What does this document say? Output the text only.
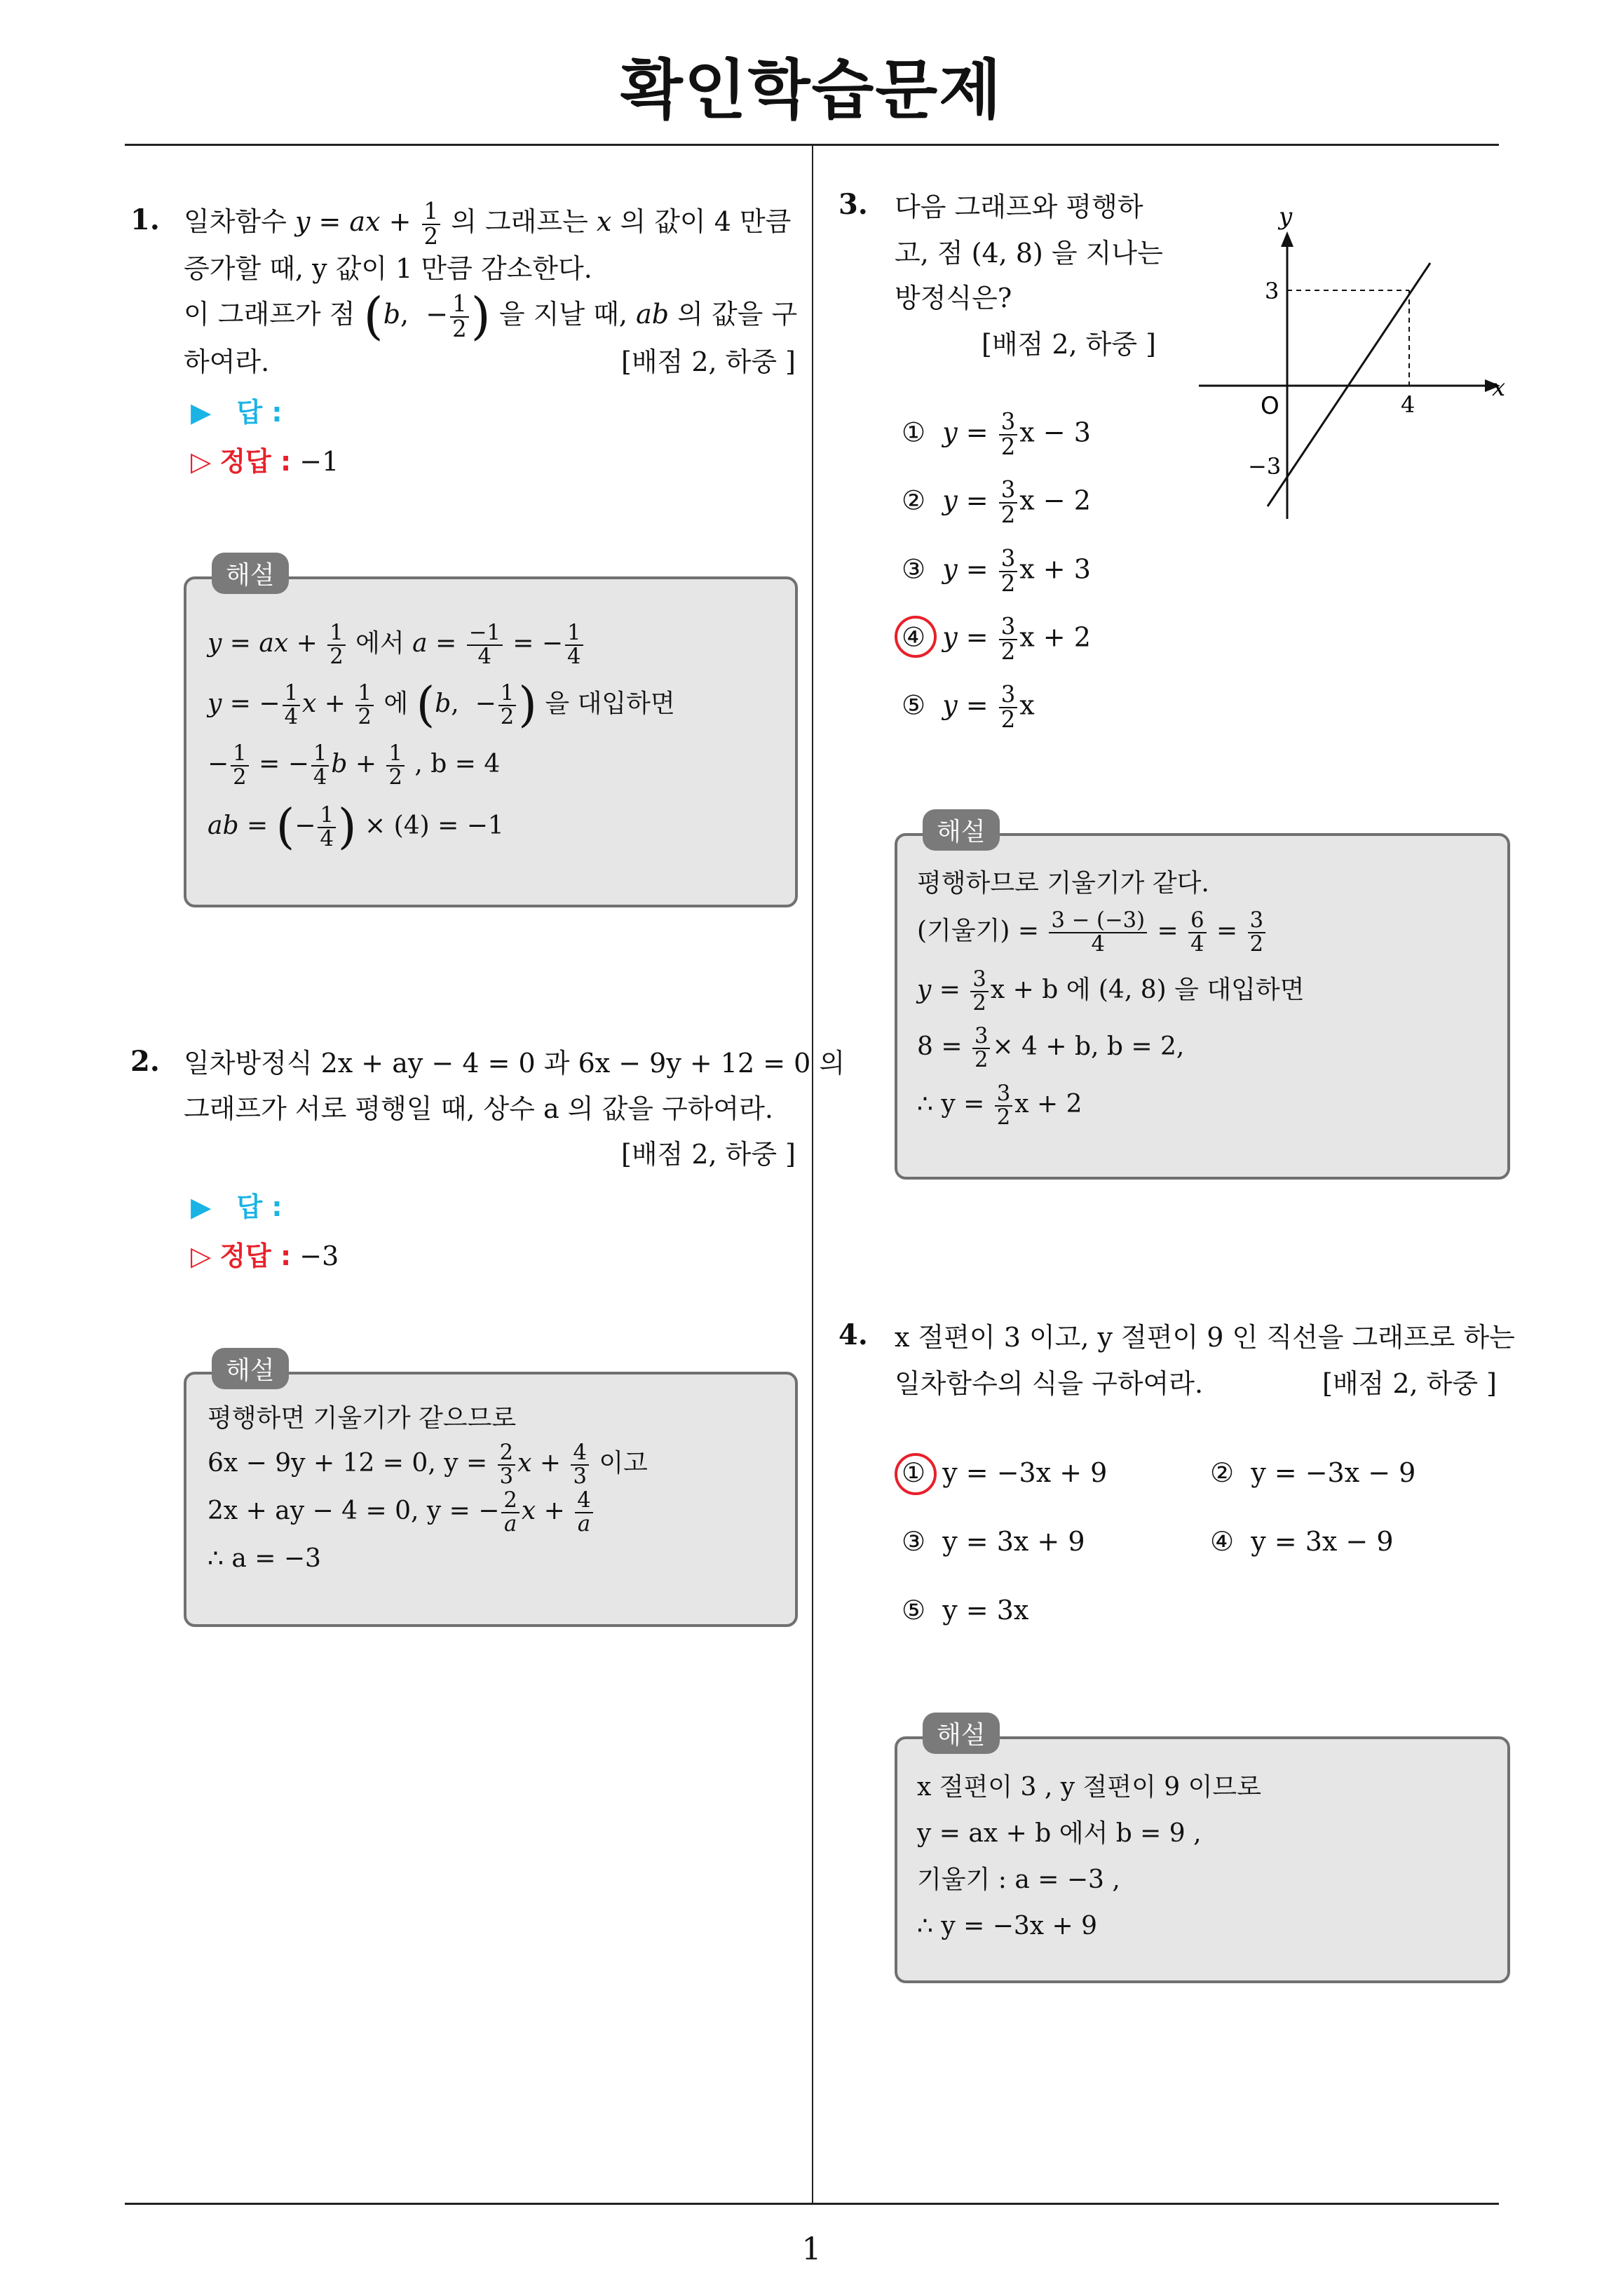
확인학습문제
1
1. 일차함수 y = ax + $\frac{1}{2}$ 의 그래프는 x 의 값이 4 만큼
증가할 때, y 값이 1 만큼 감소한다.
이 그래프가 점 (b,  − $\frac{1}{2}$ ) 을 지날 때, ab 의 값을 구
하여라.	[배점 2, 하중 ]
▶ 답 :
▷ 정답 : −1
해설
y = ax + $\frac{1}{2}$ 에서 $a = \frac{-1}{4}$ = − $\frac{1}{4}$
y = − $\frac{1}{4}$ $x + \frac{1}{2}$ 에 (b,  − $\frac{1}{2}$ ) 을 대입하면
− $\frac{1}{2}$ = − $\frac{1}{4}$ $b + \frac{1}{2}$ , b = 4
ab = (− $\frac{1}{4}$ ) × (4) = −1
2. 일차방정식 2x + ay − 4 = 0 과 6x − 9y + 12 = 0 의
그래프가 서로 평행일 때, 상수 a 의 값을 구하여라.
[배점 2, 하중 ]
▶ 답 :
▷ 정답 : −3
해설
평행하면 기울기가 같으므로
6x − 9y + 12 = 0, $y = \frac{2}{3}$ $x + \frac{4}{3}$ 이고
2x + ay − 4 = 0, y = − $\frac{2}{a}$ $x + \frac{4}{a}$
∴ a = −3
3. 다음 그래프와 평행하
고, 점 (4, 8) 을 지나는
방정식은?
[배점 2, 하중 ]
y
x
O	4
3
−3
① $y = \frac{3}{2}$ x − 3
② $y = \frac{3}{2}$ x − 2
③ $y = \frac{3}{2}$ x + 3
④ $y = \frac{3}{2}$ x + 2
⑤ $y = \frac{3}{2}$ x
해설
평행하므로 기울기가 같다.
(기울기) = $\frac{3 - (-3)}{4} = \frac{6}{4} = \frac{3}{2}$
$y = \frac{3}{2}$ x + b 에 (4, 8) 을 대입하면
$8 = \frac{3}{2} \times 4 + b$, b = 2,
∴ $y = \frac{3}{2}$ x + 2
4. x 절편이 3 이고, y 절편이 9 인 직선을 그래프로 하는
일차함수의 식을 구하여라.	[배점 2, 하중 ]
① y = −3x + 9	② y = −3x − 9
③ y = 3x + 9	④ y = 3x − 9
⑤ y = 3x
해설
x 절편이 3 , y 절편이 9 이므로
y = ax + b 에서 b = 9 ,
기울기 : a = −3 ,
∴ y = −3x + 9
